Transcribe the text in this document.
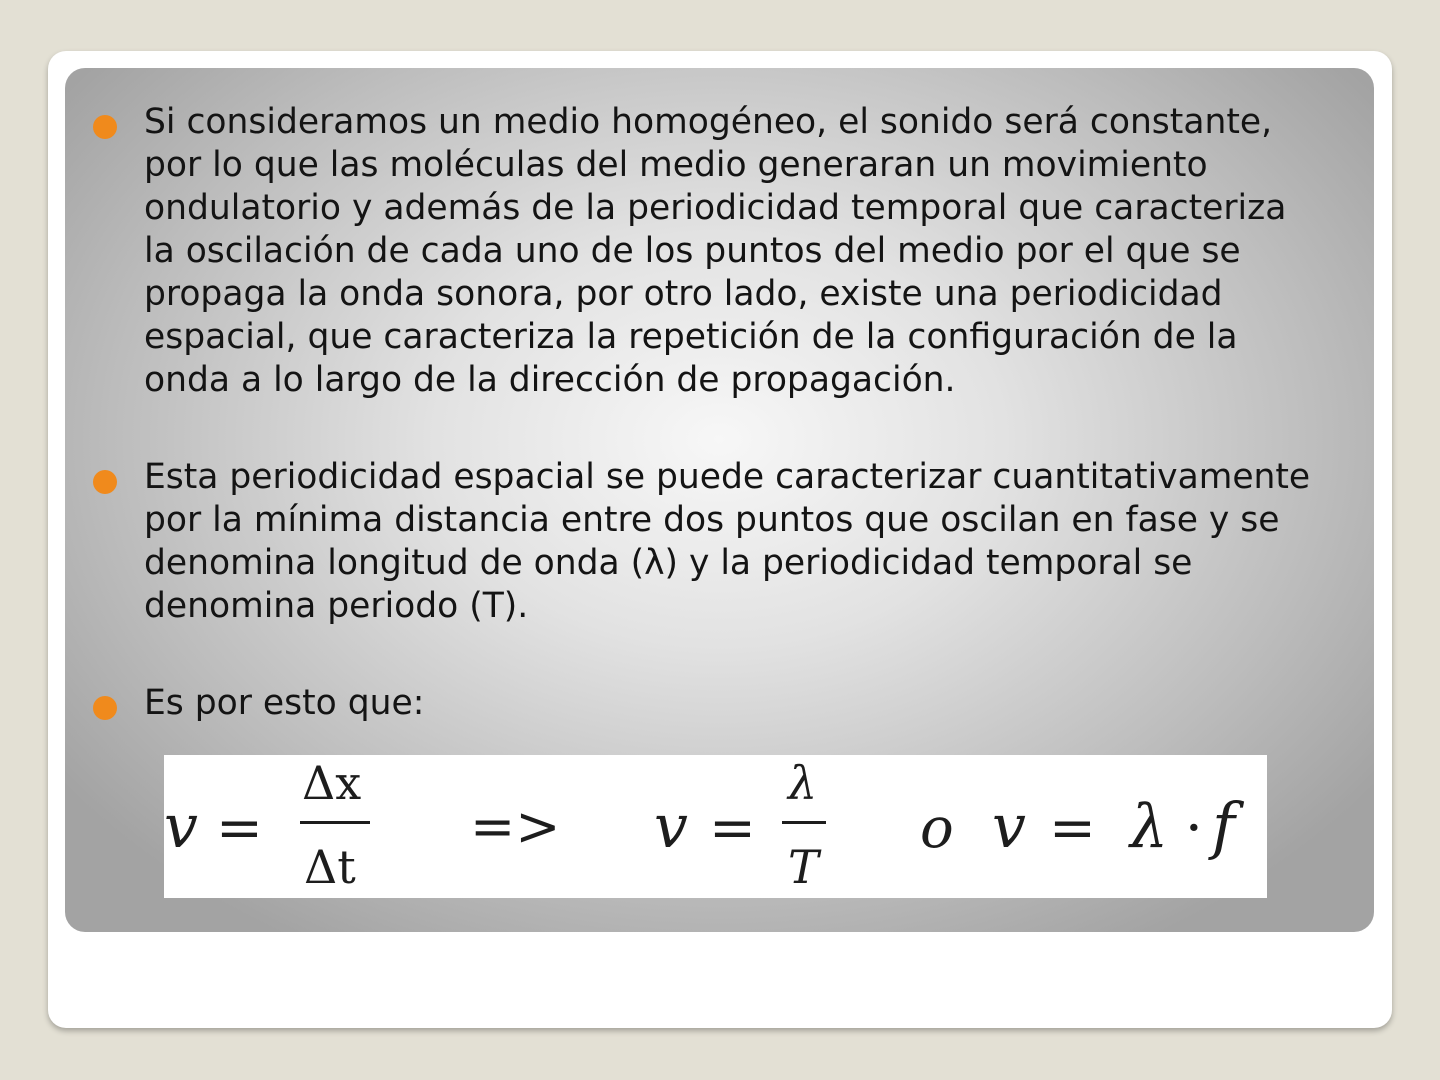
Si consideramos un medio homogéneo, el sonido será constante,
por lo que las moléculas del medio generaran un movimiento
ondulatorio y además de la periodicidad temporal que caracteriza
la oscilación de cada uno de los puntos del medio por el que se
propaga la onda sonora, por otro lado, existe una periodicidad
espacial, que caracteriza la repetición de la configuración de la
onda a lo largo de la dirección de propagación.

Esta periodicidad espacial se puede caracterizar cuantitativamente
por la mínima distancia entre dos puntos que oscilan en fase y se
denomina longitud de onda (λ) y la periodicidad temporal se
denomina periodo (T).

Es por esto que:

v =
Δx
Δt
=> v =
λ
T
o v = λ · f
